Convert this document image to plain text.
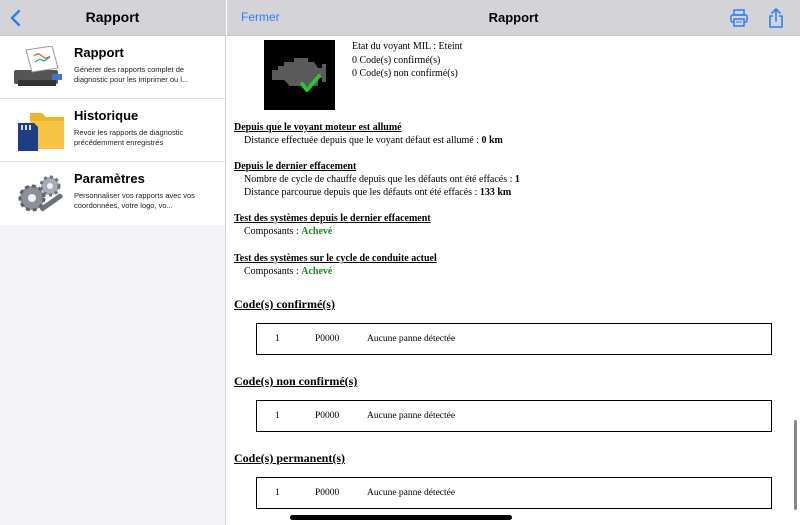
Rapport
Rapport
Générer des rapports complet de diagnostic pour les imprimer ou l...
Historique
Revoir les rapports de diagnostic précédemment enregistrés
Paramètres
Personnaliser vos rapports avec vos coordonnées, votre logo, vo...
Fermer	Rapport
Etat du voyant MIL : Eteint
0 Code(s) confirmé(s)
0 Code(s) non confirmé(s)
Depuis que le voyant moteur est allumé
Distance effectuée depuis que le voyant défaut est allumé : 0 km
Depuis le dernier effacement
Nombre de cycle de chauffe depuis que les défauts ont été effacés : 1
Distance parcourue depuis que les défauts ont été effacés : 133 km
Test des systèmes depuis le dernier effacement
Composants : Achevé
Test des systèmes sur le cycle de conduite actuel
Composants : Achevé
Code(s) confirmé(s)
1	P0000	Aucune panne détectée
Code(s) non confirmé(s)
1	P0000	Aucune panne détectée
Code(s) permanent(s)
1	P0000	Aucune panne détectée
